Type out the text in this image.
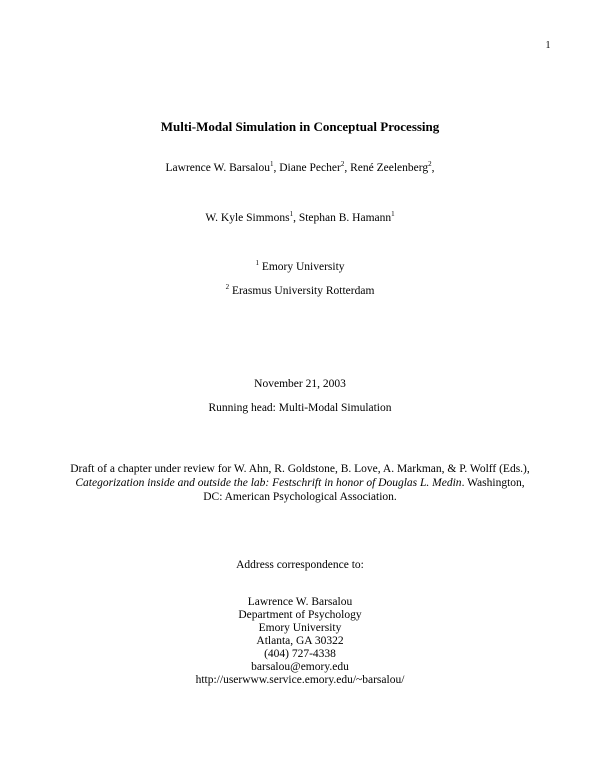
1
Multi-Modal Simulation in Conceptual Processing
Lawrence W. Barsalou$^1$, Diane Pecher$^2$, René Zeelenberg$^2$,
W. Kyle Simmons$^1$, Stephan B. Hamann$^1$
$^1$ Emory University
$^2$ Erasmus University Rotterdam
November 21, 2003
Running head: Multi-Modal Simulation
Draft of a chapter under review for W. Ahn, R. Goldstone, B. Love, A. Markman, & P. Wolff (Eds.),
Categorization inside and outside the lab: Festschrift in honor of Douglas L. Medin. Washington,
DC: American Psychological Association.
Address correspondence to:
Lawrence W. Barsalou
Department of Psychology
Emory University
Atlanta, GA 30322
(404) 727-4338
barsalou@emory.edu
http://userwww.service.emory.edu/~barsalou/
